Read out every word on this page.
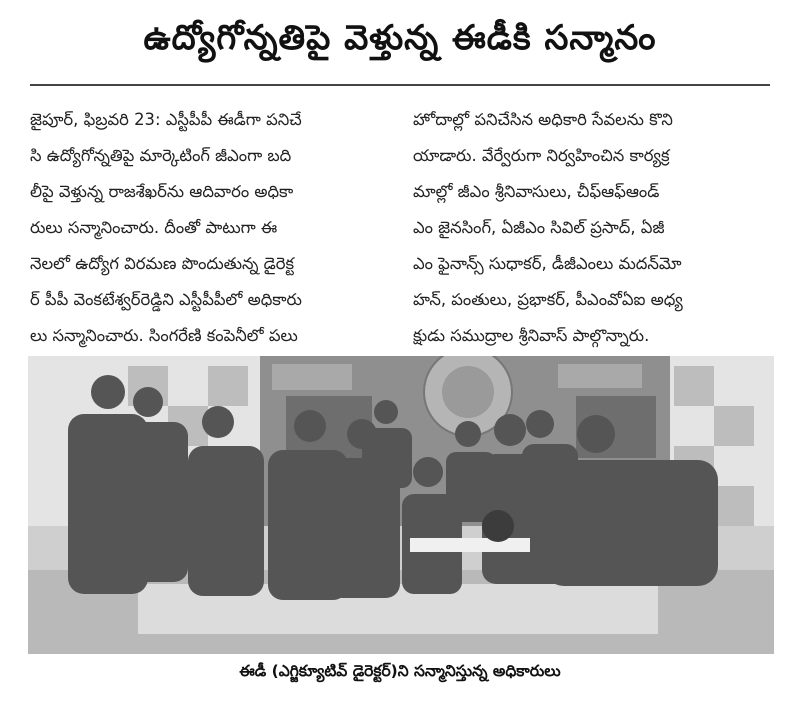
ఉద్యోగోన్నతిపై వెళ్తున్న ఈడీకి సన్మానం
జైపూర్, ఫిబ్రవరి 23: ఎస్టీపీపీ ఈడీగా పనిచే
సి ఉద్యోగోన్నతిపై మార్కెటింగ్ జీఎంగా బది
లీపై వెళ్తున్న రాజశేఖర్‌ను ఆదివారం అధికా
రులు సన్మానించారు. దీంతో పాటుగా ఈ
నెలలో ఉద్యోగ విరమణ పొందుతున్న డైరెక్ట
ర్ పీపీ వెంకటేశ్వర్‌రెడ్డిని ఎస్టీపీపీలో అధికారు
లు సన్మానించారు. సింగరేణి కంపెనీలో పలు
హోదాల్లో పనిచేసిన అధికారి సేవలను కొని
యాడారు. వేర్వేరుగా నిర్వహించిన కార్యక్ర
మాల్లో జీఎం శ్రీనివాసులు, చీఫ్‌ఆఫ్‌ఆండ్
ఎం జైనసింగ్, ఏజీఎం సివిల్ ప్రసాద్, ఏజీ
ఎం ఫైనాన్స్ సుధాకర్, డీజీఎంలు మదన్‌మో
హన్, పంతులు, ప్రభాకర్, పీఎంవోఏఐ అధ్య
క్షుడు సముద్రాల శ్రీనివాస్ పాల్గొన్నారు.
ఈడీ (ఎగ్జిక్యూటివ్ డైరెక్టర్)ని సన్మానిస్తున్న అధికారులు
